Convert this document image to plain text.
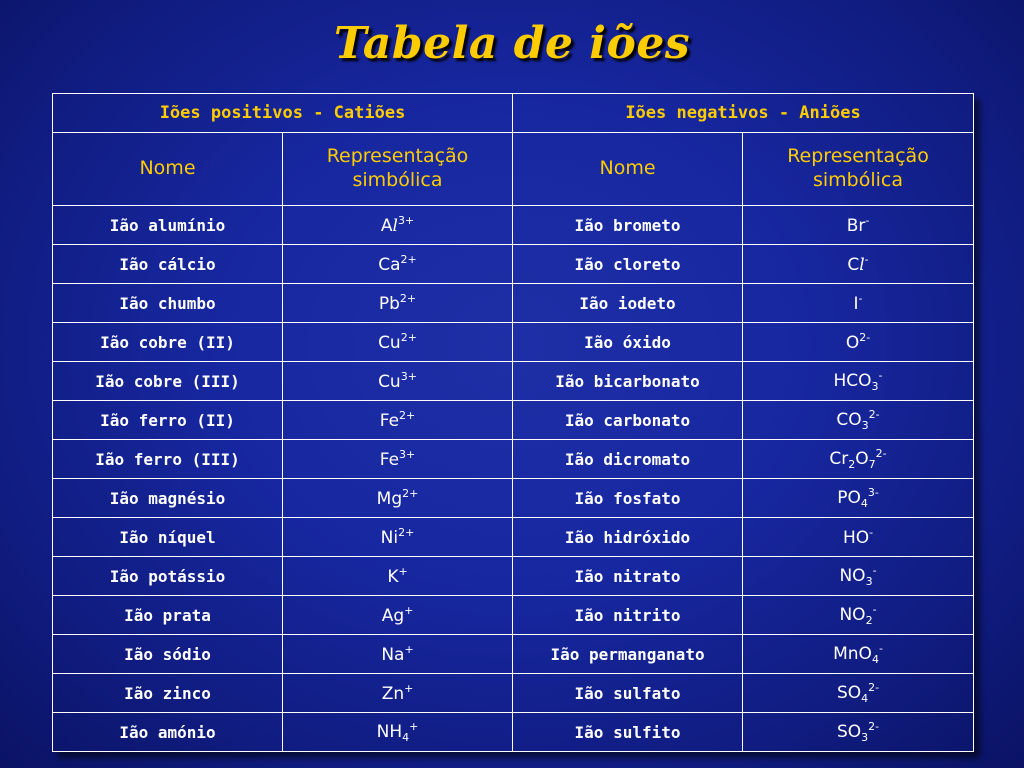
Tabela de iões
Iões positivos - Catiões		Iões negativos - Aniões	
Nome	Representação simbólica	Nome	Representação simbólica
Ião alumínio	$Al^{3+}$	Ião brometo	Br-
Ião cálcio	$Ca^{2+}$	Ião cloreto	Cl-
Ião chumbo	$Pb^{2+}$	Ião iodeto	I-
Ião cobre (II)	$Cu^{2+}$	Ião óxido	$O^{2-}$
Ião cobre (III)	$Cu^{3+}$	Ião bicarbonato	$HCO_3^-$
Ião ferro (II)	$Fe^{2+}$	Ião carbonato	$CO_3^{2-}$
Ião ferro (III)	$Fe^{3+}$	Ião dicromato	$Cr_2O_7^{2-}$
Ião magnésio	$Mg^{2+}$	Ião fosfato	$PO_4^{3-}$
Ião níquel	$Ni^{2+}$	Ião hidróxido	HO-
Ião potássio	K+	Ião nitrato	$NO_3^-$
Ião prata	Ag+	Ião nitrito	$NO_2^-$
Ião sódio	Na+	Ião permanganato	MnO$_4$-
Ião zinco	Zn+	Ião sulfato	$SO_4^{2-}$
Ião amónio	$NH_4^+$	Ião sulfito	$SO_3^{2-}$
